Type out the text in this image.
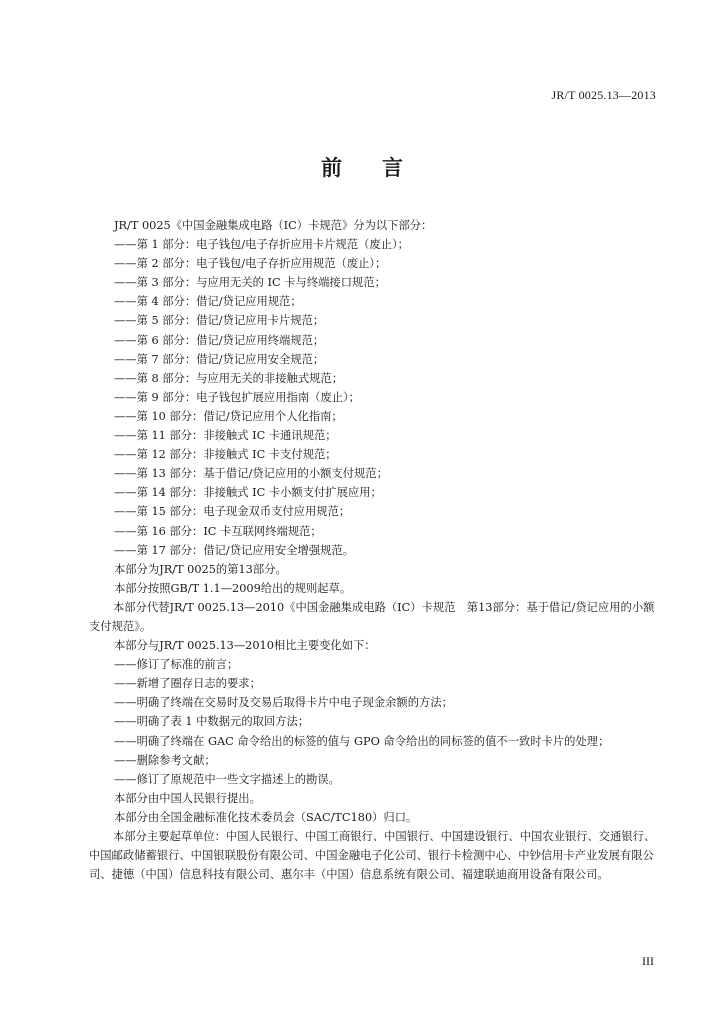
JR/T 0025.13—2013
前言

JR/T 0025《中国金融集成电路（IC）卡规范》分为以下部分：

——第 1 部分：电子钱包/电子存折应用卡片规范（废止）；

——第 2 部分：电子钱包/电子存折应用规范（废止）；

——第 3 部分：与应用无关的 IC 卡与终端接口规范；

——第 4 部分：借记/贷记应用规范；

——第 5 部分：借记/贷记应用卡片规范；

——第 6 部分：借记/贷记应用终端规范；

——第 7 部分：借记/贷记应用安全规范；

——第 8 部分：与应用无关的非接触式规范；

——第 9 部分：电子钱包扩展应用指南（废止）；

——第 10 部分：借记/贷记应用个人化指南；

——第 11 部分：非接触式 IC 卡通讯规范；

——第 12 部分：非接触式 IC 卡支付规范；

——第 13 部分：基于借记/贷记应用的小额支付规范；

——第 14 部分：非接触式 IC 卡小额支付扩展应用；

——第 15 部分：电子现金双币支付应用规范；

——第 16 部分：IC 卡互联网终端规范；

——第 17 部分：借记/贷记应用安全增强规范。

本部分为JR/T 0025的第13部分。

本部分按照GB/T 1.1—2009给出的规则起草。

本部分代替JR/T 0025.13—2010《中国金融集成电路（IC）卡规范　第13部分：基于借记/贷记应用的小额支付规范》。

本部分与JR/T 0025.13—2010相比主要变化如下：

——修订了标准的前言；

——新增了圈存日志的要求；

——明确了终端在交易时及交易后取得卡片中电子现金余额的方法；

——明确了表 1 中数据元的取回方法；

——明确了终端在 GAC 命令给出的标签的值与 GPO 命令给出的同标签的值不一致时卡片的处理；

——删除参考文献；

——修订了原规范中一些文字描述上的勘误。

本部分由中国人民银行提出。

本部分由全国金融标准化技术委员会（SAC/TC180）归口。

本部分主要起草单位：中国人民银行、中国工商银行、中国银行、中国建设银行、中国农业银行、交通银行、中国邮政储蓄银行、中国银联股份有限公司、中国金融电子化公司、银行卡检测中心、中钞信用卡产业发展有限公司、捷德（中国）信息科技有限公司、惠尔丰（中国）信息系统有限公司、福建联迪商用设备有限公司。

III
